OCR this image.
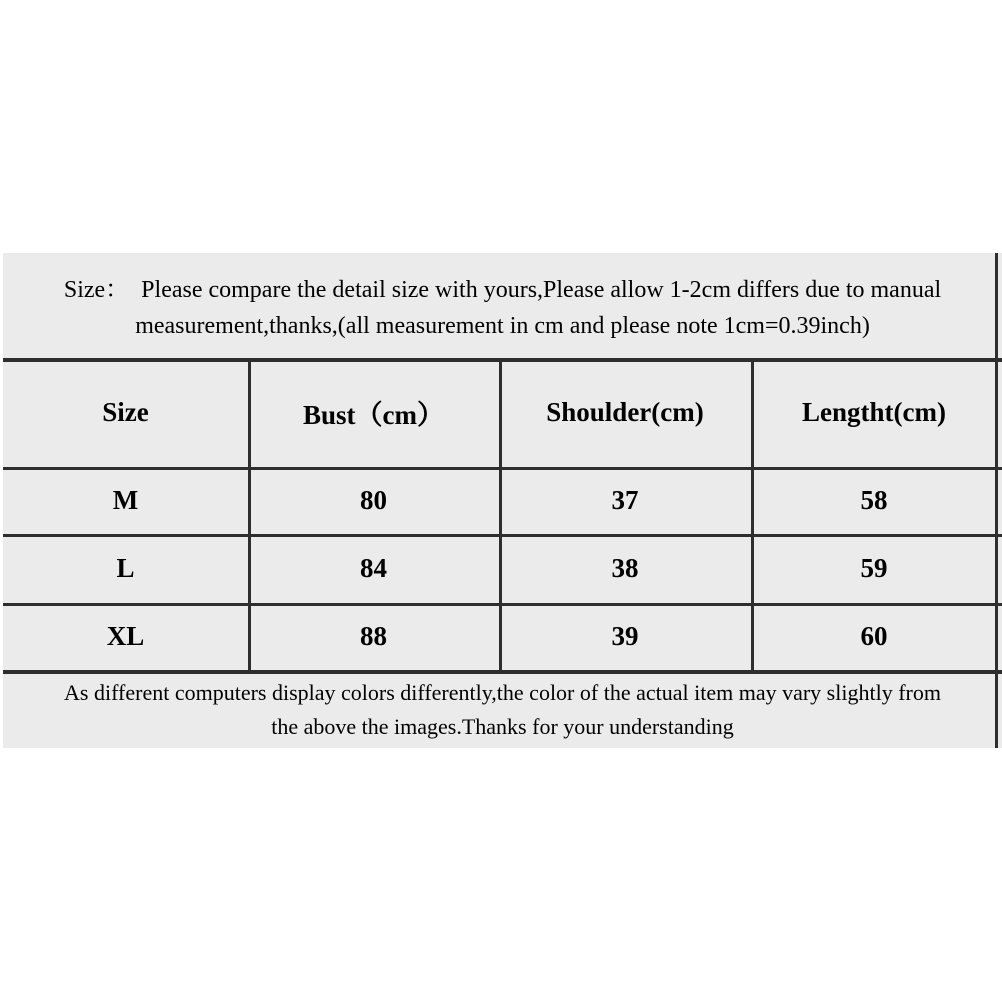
Size： Please compare the detail size with yours,Please allow 1-2cm differs due to manual
measurement,thanks,(all measurement in cm and please note 1cm=0.39inch)
Size	Bust（cm）	Shoulder(cm)	Lengtht(cm)
M	80	37	58
L	84	38	59
XL	88	39	60
As different computers display colors differently,the color of the actual item may vary slightly from
the above the images.Thanks for your understanding
